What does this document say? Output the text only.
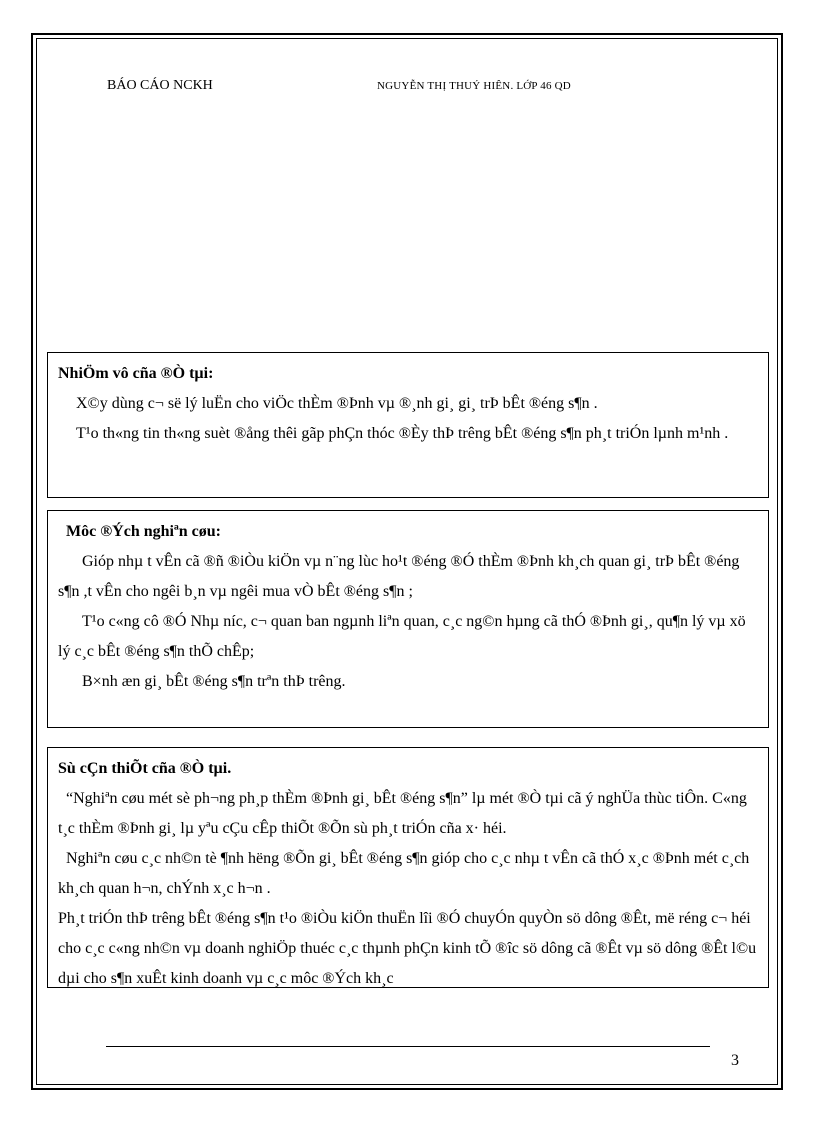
BÁO CÁO NCKH	NGUYỄN THỊ THUÝ HIÊN. LỚP 46 QD
NhiÖm vô cña ®Ò tµi:

X©y dùng c¬ së lý luËn cho viÖc thÈm ®Þnh vµ ®¸nh gi¸ gi¸ trÞ bÊt ®éng s¶n .

T¹o th«ng tin th«ng suèt ®ång thêi gãp phÇn thóc ®Èy thÞ trêng bÊt ®éng s¶n ph¸t triÓn lµnh m¹nh .

Môc ®Ých nghiªn cøu:

Gióp nhµ t vÊn cã ®ñ ®iÒu kiÖn vµ n¨ng lùc ho¹t ®éng ®Ó thÈm ®Þnh kh¸ch quan gi¸ trÞ bÊt ®éng s¶n ,t vÊn cho ngêi b¸n vµ ngêi mua vÒ bÊt ®éng s¶n ;

T¹o c«ng cô ®Ó Nhµ níc, c¬ quan ban ngµnh liªn quan, c¸c ng©n hµng cã thÓ ®Þnh gi¸, qu¶n lý vµ xö lý c¸c bÊt ®éng s¶n thÕ chÊp;

B×nh æn gi¸ bÊt ®éng s¶n trªn thÞ trêng.

Sù cÇn thiÕt cña ®Ò tµi.

“Nghiªn cøu mét sè ph¬ng ph¸p thÈm ®Þnh gi¸ bÊt ®éng s¶n” lµ mét ®Ò tµi cã ý nghÜa thùc tiÔn. C«ng t¸c thÈm ®Þnh gi¸ lµ yªu cÇu cÊp thiÕt ®Õn sù ph¸t triÓn cña x· héi.

Nghiªn cøu c¸c nh©n tè ¶nh hëng ®Õn gi¸ bÊt ®éng s¶n gióp cho c¸c nhµ t vÊn cã thÓ x¸c ®Þnh mét c¸ch kh¸ch quan h¬n, chÝnh x¸c h¬n .

Ph¸t triÓn thÞ trêng bÊt ®éng s¶n t¹o ®iÒu kiÖn thuËn lîi ®Ó chuyÓn quyÒn sö dông ®Êt, më réng c¬ héi cho c¸c c«ng nh©n vµ doanh nghiÖp thuéc c¸c thµnh phÇn kinh tÕ ®îc sö dông cã ®Êt vµ sö dông ®Êt l©u dµi cho s¶n xuÊt kinh doanh vµ c¸c môc ®Ých kh¸c

3
